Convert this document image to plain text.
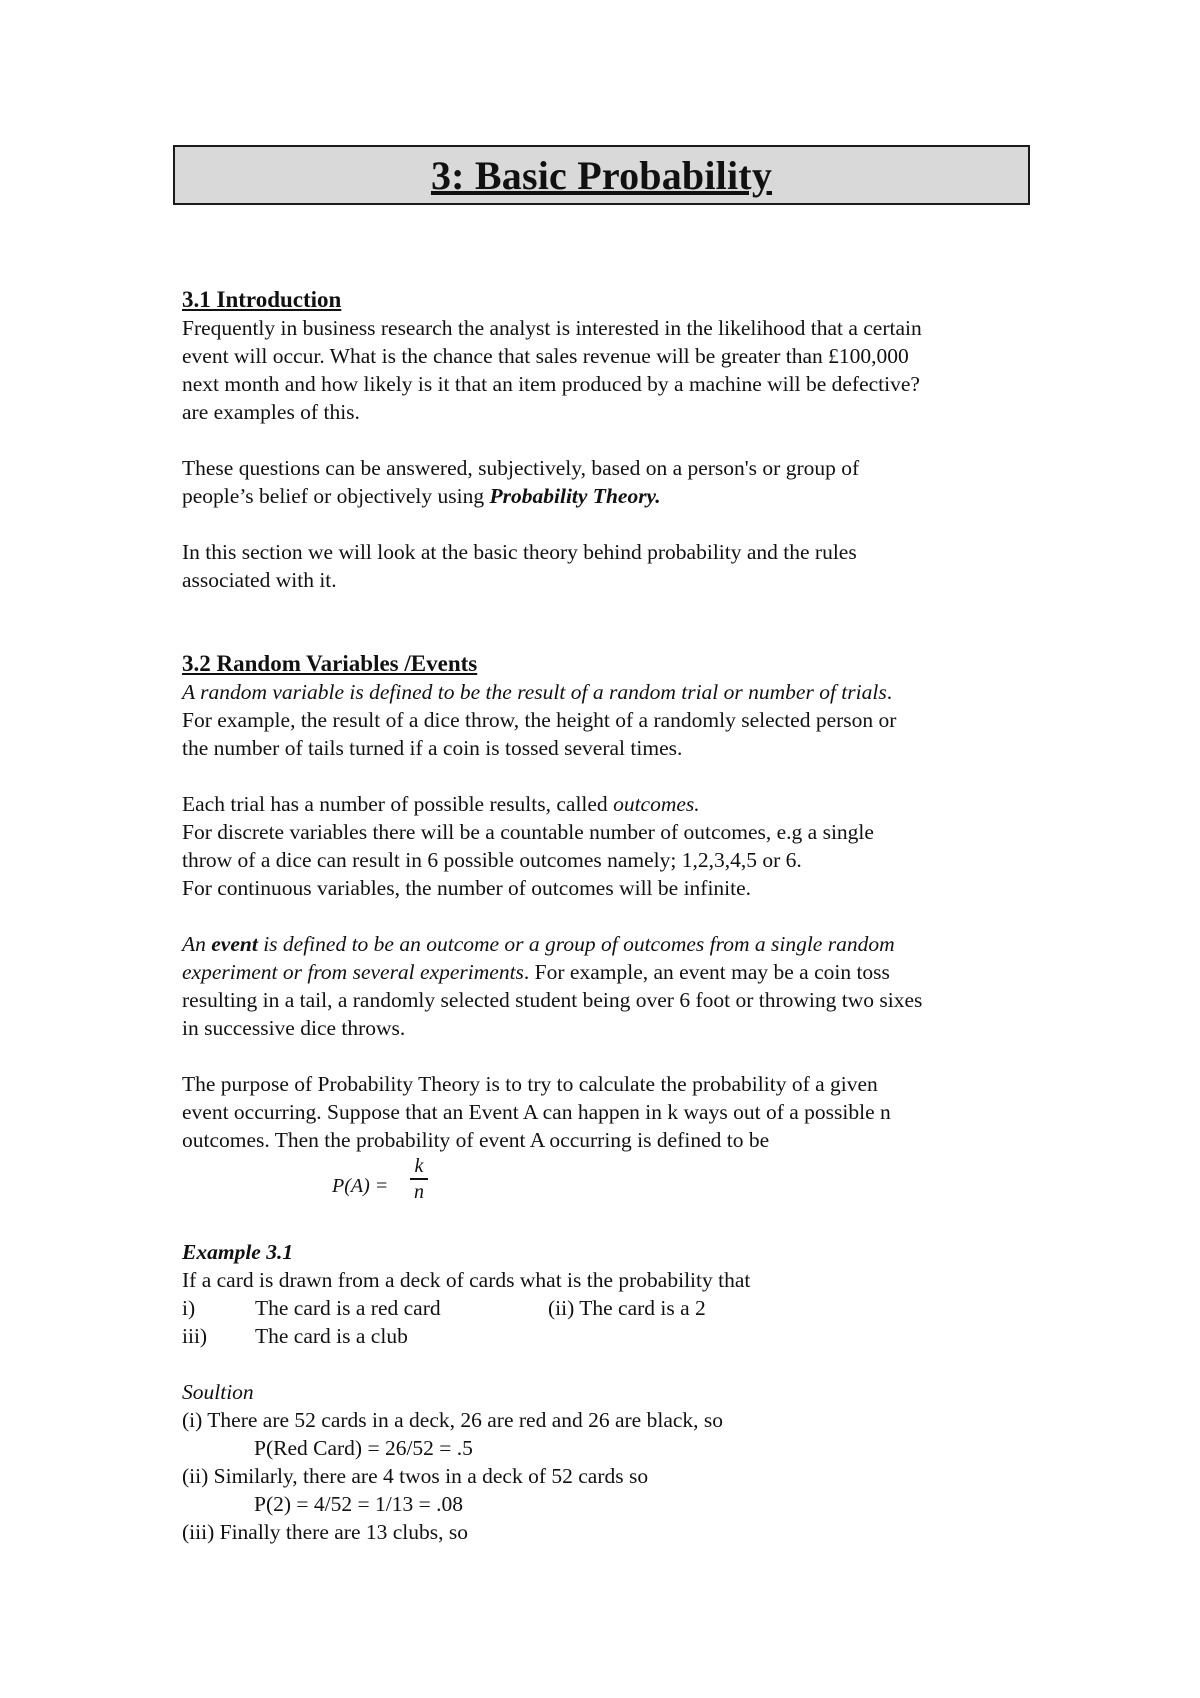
3: Basic Probability
3.1 Introduction
Frequently in business research the analyst is interested in the likelihood that a certain
event will occur. What is the chance that sales revenue will be greater than £100,000
next month and how likely is it that an item produced by a machine will be defective?
are examples of this.
These questions can be answered, subjectively, based on a person's or group of
people’s belief or objectively using Probability Theory.
In this section we will look at the basic theory behind probability and the rules
associated with it.
3.2 Random Variables /Events
A random variable is defined to be the result of a random trial or number of trials.
For example, the result of a dice throw, the height of a randomly selected person or
the number of tails turned if a coin is tossed several times.
Each trial has a number of possible results, called outcomes.
For discrete variables there will be a countable number of outcomes, e.g a single
throw of a dice can result in 6 possible outcomes namely; 1,2,3,4,5 or 6.
For continuous variables, the number of outcomes will be infinite.
An event is defined to be an outcome or a group of outcomes from a single random
experiment or from several experiments. For example, an event may be a coin toss
resulting in a tail, a randomly selected student being over 6 foot or throwing two sixes
in successive dice throws.
The purpose of Probability Theory is to try to calculate the probability of a given
event occurring. Suppose that an Event A can happen in k ways out of a possible n
outcomes. Then the probability of event A occurring is defined to be
P(A) =
k
n
Example 3.1
If a card is drawn from a deck of cards what is the probability that
i)	The card is a red card	(ii) The card is a 2
iii) The card is a club
Soultion
(i) There are 52 cards in a deck, 26 are red and 26 are black, so
P(Red Card) = 26/52 = .5
(ii) Similarly, there are 4 twos in a deck of 52 cards so
P(2) = 4/52 = 1/13 = .08
(iii) Finally there are 13 clubs, so
